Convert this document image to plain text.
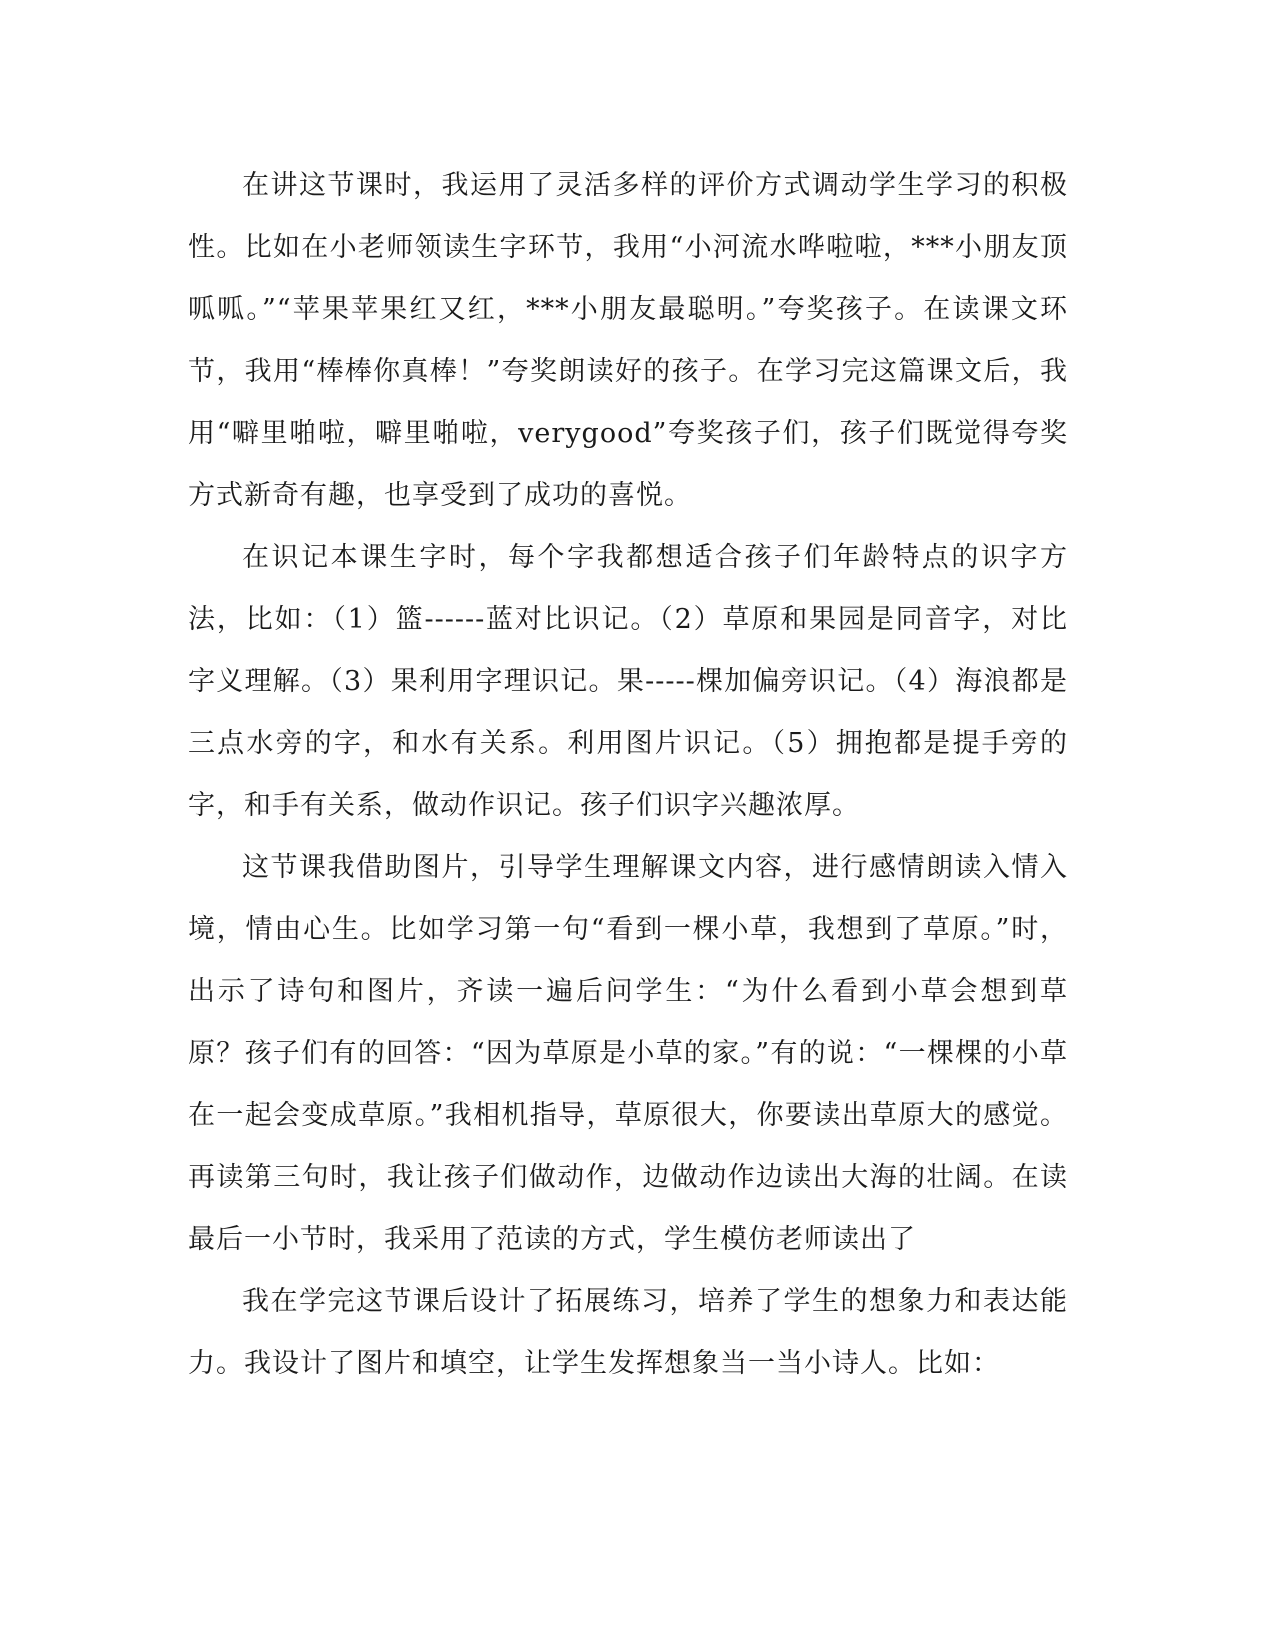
在讲这节课时，我运用了灵活多样的评价方式调动学生学习的积极性。比如在小老师领读生字环节，我用“小河流水哗啦啦，***小朋友顶呱呱。”“苹果苹果红又红，***小朋友最聪明。”夸奖孩子。在读课文环节，我用“棒棒你真棒！”夸奖朗读好的孩子。在学习完这篇课文后，我用“噼里啪啦，噼里啪啦，verygood”夸奖孩子们，孩子们既觉得夸奖方式新奇有趣，也享受到了成功的喜悦。

在识记本课生字时，每个字我都想适合孩子们年龄特点的识字方法，比如：（1）篮------蓝对比识记。（2）草原和果园是同音字，对比字义理解。（3）果利用字理识记。果-----棵加偏旁识记。（4）海浪都是三点水旁的字，和水有关系。利用图片识记。（5）拥抱都是提手旁的字，和手有关系，做动作识记。孩子们识字兴趣浓厚。

这节课我借助图片，引导学生理解课文内容，进行感情朗读入情入境，情由心生。比如学习第一句“看到一棵小草，我想到了草原。”时，出示了诗句和图片，齐读一遍后问学生：“为什么看到小草会想到草原？孩子们有的回答：“因为草原是小草的家。”有的说：“一棵棵的小草在一起会变成草原。”我相机指导，草原很大，你要读出草原大的感觉。再读第三句时，我让孩子们做动作，边做动作边读出大海的壮阔。在读最后一小节时，我采用了范读的方式，学生模仿老师读出了

我在学完这节课后设计了拓展练习，培养了学生的想象力和表达能力。我设计了图片和填空，让学生发挥想象当一当小诗人。比如：
